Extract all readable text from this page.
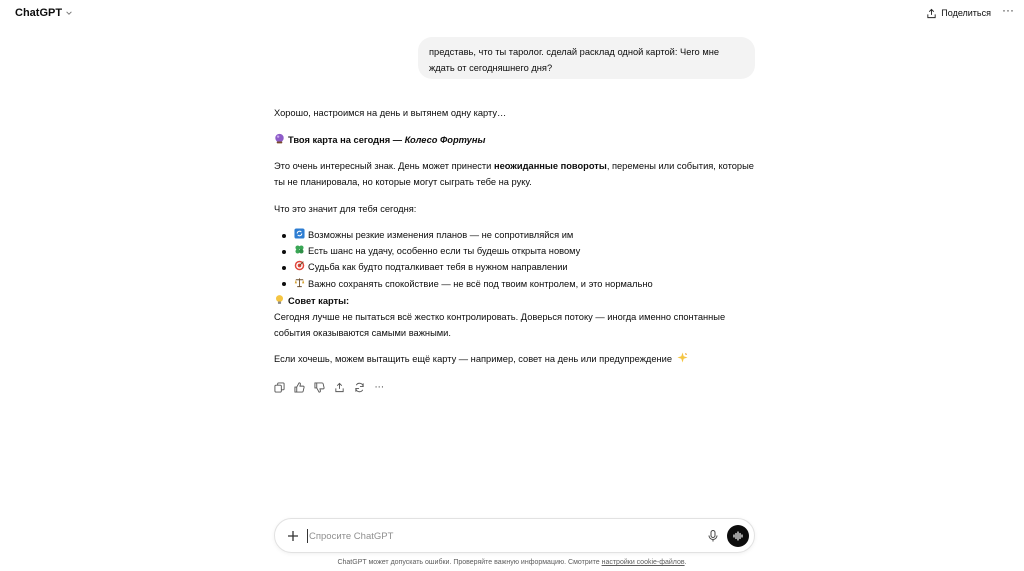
ChatGPT	Поделиться ···
представь, что ты таролог. сделай расклад одной картой: Чего мне ждать от сегодняшнего дня?

Хорошо, настроимся на день и вытянем одну карту…

Твоя карта на сегодня — Колесо Фортуны

Это очень интересный знак. День может принести неожиданные повороты, перемены или события, которые ты не планировала, но которые могут сыграть тебе на руку.

Что это значит для тебя сегодня:

Возможны резкие изменения планов — не сопротивляйся им
Есть шанс на удачу, особенно если ты будешь открыта новому
Судьба как будто подталкивает тебя в нужном направлении
Важно сохранять спокойствие — не всё под твоим контролем, и это нормально

Совет карты:

Сегодня лучше не пытаться всё жестко контролировать. Доверься потоку — иногда именно спонтанные события оказываются самыми важными.

Если хочешь, можем вытащить ещё карту — например, совет на день или предупреждение

···
Спросите ChatGPT
ChatGPT может допускать ошибки. Проверяйте важную информацию. Смотрите настройки cookie-файлов.
